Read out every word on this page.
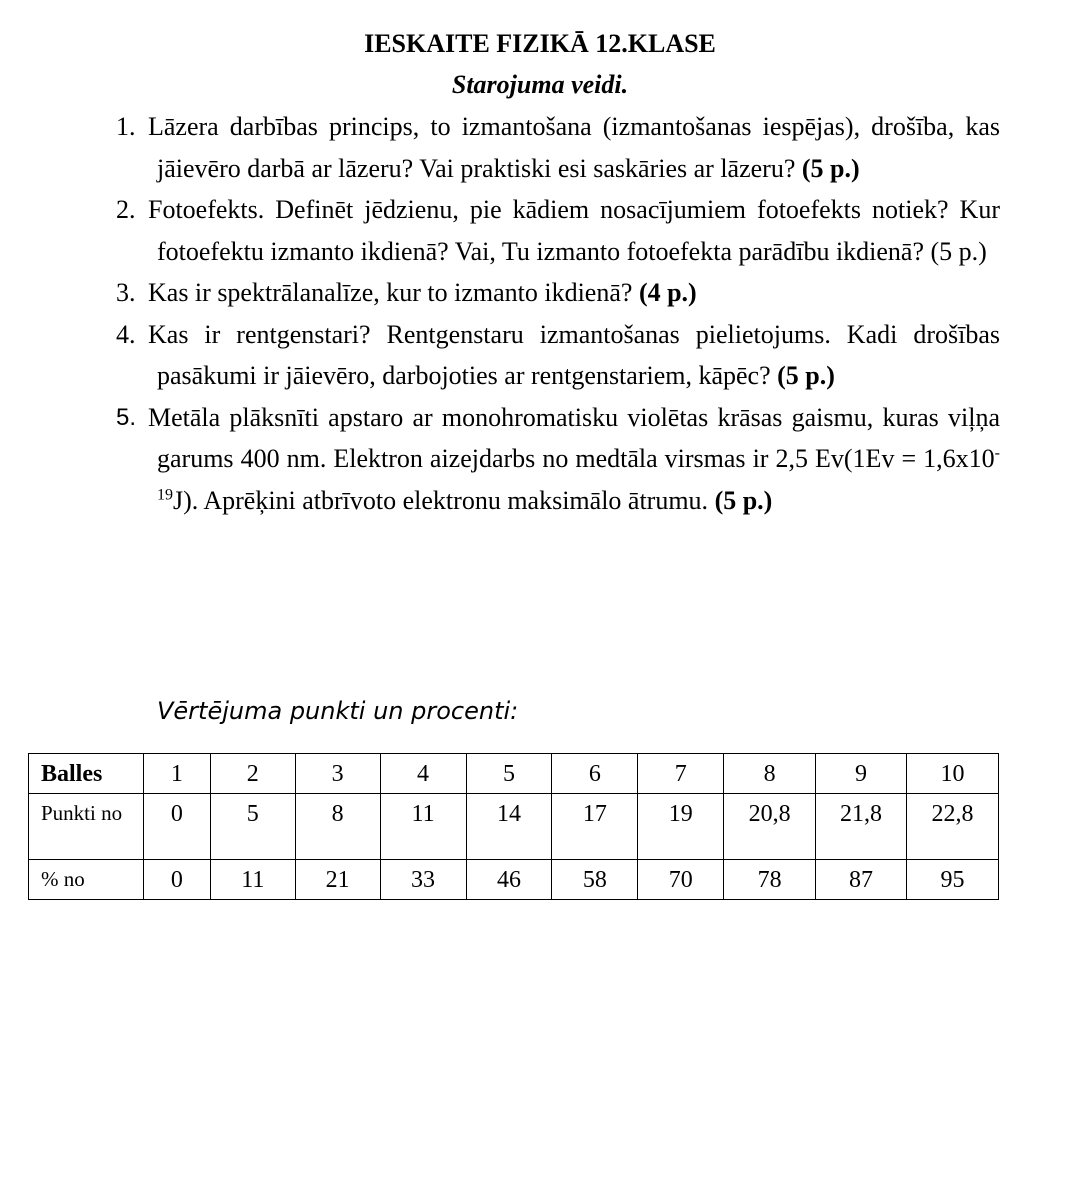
IESKAITE FIZIKĀ 12.KLASE
Starojuma veidi.
1. Lāzera darbības princips, to izmantošana (izmantošanas iespējas), drošība, kas jāievēro darbā ar lāzeru? Vai praktiski esi saskāries ar lāzeru? (5 p.)
2. Fotoefekts. Definēt jēdzienu, pie kādiem nosacījumiem fotoefekts notiek? Kur fotoefektu izmanto ikdienā? Vai, Tu izmanto fotoefekta parādību ikdienā? (5 p.)
3. Kas ir spektrālanalīze, kur to izmanto ikdienā? (4 p.)
4. Kas ir rentgenstari? Rentgenstaru izmantošanas pielietojums. Kadi drošības pasākumi ir jāievēro, darbojoties ar rentgenstariem, kāpēc? (5 p.)
5. Metāla plāksnīti apstaro ar monohromatisku violētas krāsas gaismu, kuras viļņa garums 400 nm. Elektron aizejdarbs no medtāla virsmas ir 2,5 $Ev(1Ev = 1,6x10^{-19}J)$. Aprēķini atbrīvoto elektronu maksimālo ātrumu. (5 p.)
Vērtējuma punkti un procenti:
Balles	1	2	3	4	5	6	7	8	9	10
Punkti no	0	5	8	11	14	17	19	20,8	21,8	22,8
% no	0	11	21	33	46	58	70	78	87	95
